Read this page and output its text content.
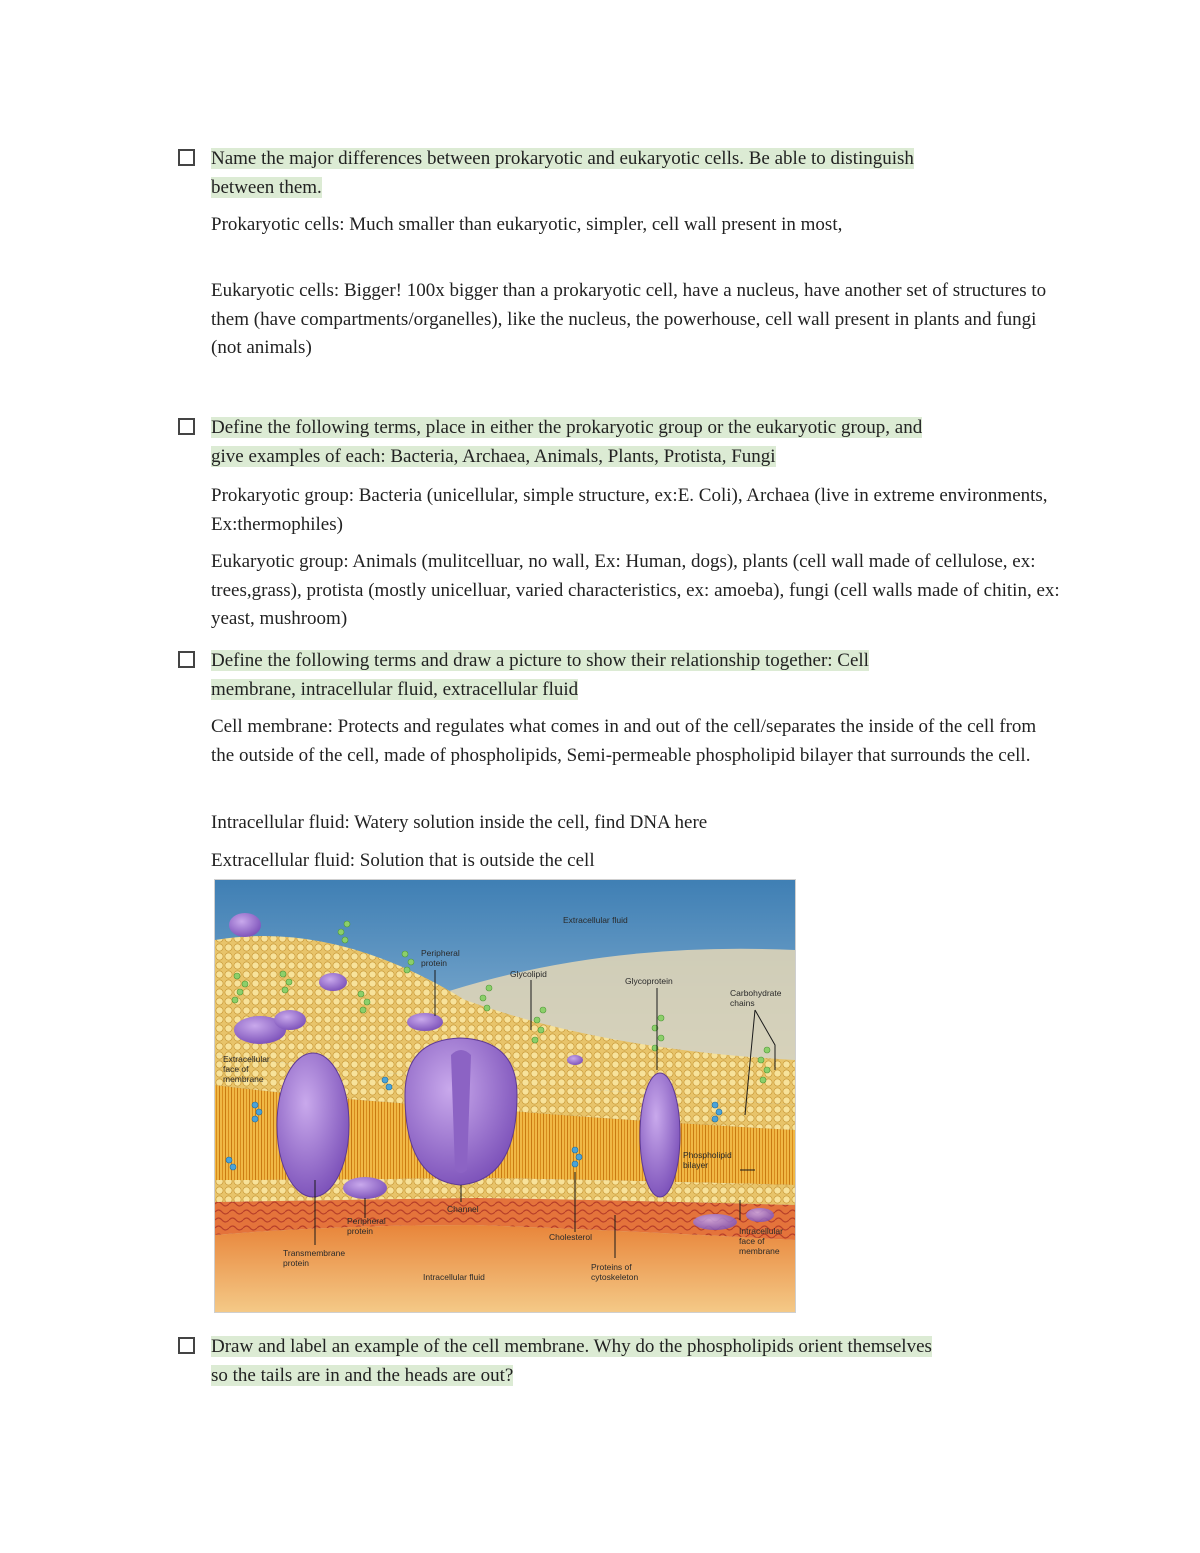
Name the major differences between prokaryotic and eukaryotic cells. Be able to distinguish
between them.

Prokaryotic cells: Much smaller than eukaryotic, simpler, cell wall present in most,

Eukaryotic cells: Bigger! 100x bigger than a prokaryotic cell, have a nucleus, have another set of structures to them (have compartments/organelles), like the nucleus, the powerhouse, cell wall present in plants and fungi (not animals)

Define the following terms, place in either the prokaryotic group or the eukaryotic group, and
give examples of each: Bacteria, Archaea, Animals, Plants, Protista, Fungi

Prokaryotic group: Bacteria (unicellular, simple structure, ex:E. Coli), Archaea (live in extreme environments, Ex:thermophiles)

Eukaryotic group: Animals (mulitcelluar, no wall, Ex: Human, dogs), plants (cell wall made of cellulose, ex: trees,grass), protista (mostly unicelluar, varied characteristics, ex: amoeba), fungi (cell walls made of chitin, ex: yeast, mushroom)

Define the following terms and draw a picture to show their relationship together: Cell
membrane, intracellular fluid, extracellular fluid

Cell membrane: Protects and regulates what comes in and out of the cell/separates the inside of the cell from the outside of the cell, made of phospholipids, Semi-permeable phospholipid bilayer that surrounds the cell.

Intracellular fluid: Watery solution inside the cell, find DNA here

Extracellular fluid: Solution that is outside the cell

Extracellular fluid
Peripheral
protein
Glycolipid
Glycoprotein
Carbohydrate
chains
Extracellular
face of
membrane
Phospholipid
bilayer
Intracellular
face of
membrane
Peripheral
protein
Channel
Cholesterol
Transmembrane
protein
Intracellular fluid
Proteins of
cytoskeleton
Draw and label an example of the cell membrane. Why do the phospholipids orient themselves
so the tails are in and the heads are out?
